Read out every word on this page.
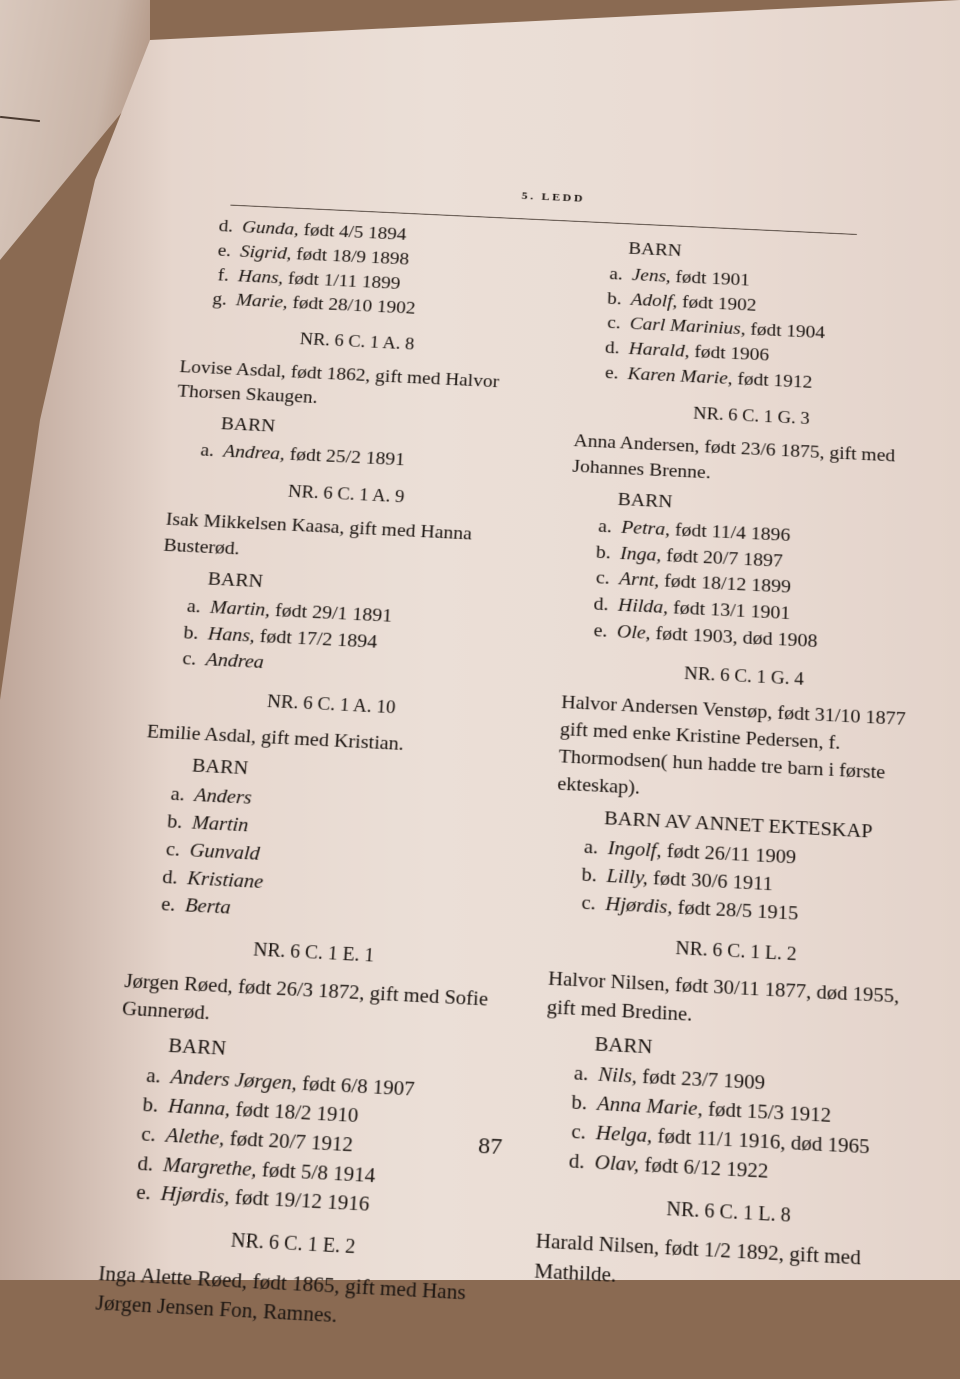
5. LEDD
d. Gunda, født 4/5 1894
e. Sigrid, født 18/9 1898
f. Hans, født 1/11 1899
g. Marie, født 28/10 1902
NR. 6 C. 1 A. 8
Lovise Asdal, født 1862, gift med Halvor Thorsen Skaugen.
BARN
a. Andrea, født 25/2 1891
NR. 6 C. 1 A. 9
Isak Mikkelsen Kaasa, gift med Hanna Busterød.
BARN
a. Martin, født 29/1 1891
b. Hans, født 17/2 1894
c. Andrea
NR. 6 C. 1 A. 10
Emilie Asdal, gift med Kristian.
BARN
a. Anders
b. Martin
c. Gunvald
d. Kristiane
e. Berta
NR. 6 C. 1 E. 1
Jørgen Røed, født 26/3 1872, gift med Sofie Gunnerød.
BARN
a. Anders Jørgen, født 6/8 1907
b. Hanna, født 18/2 1910
c. Alethe, født 20/7 1912
d. Margrethe, født 5/8 1914
e. Hjørdis, født 19/12 1916
NR. 6 C. 1 E. 2
Inga Alette Røed, født 1865, gift med Hans Jørgen Jensen Fon, Ramnes.
BARN
a. Jens, født 1901
b. Adolf, født 1902
c. Carl Marinius, født 1904
d. Harald, født 1906
e. Karen Marie, født 1912
NR. 6 C. 1 G. 3
Anna Andersen, født 23/6 1875, gift med Johannes Brenne.
BARN
a. Petra, født 11/4 1896
b. Inga, født 20/7 1897
c. Arnt, født 18/12 1899
d. Hilda, født 13/1 1901
e. Ole, født 1903, død 1908
NR. 6 C. 1 G. 4
Halvor Andersen Venstøp, født 31/10 1877 gift med enke Kristine Pedersen, f. Thormodsen( hun hadde tre barn i første ekteskap).
BARN AV ANNET EKTESKAP
a. Ingolf, født 26/11 1909
b. Lilly, født 30/6 1911
c. Hjørdis, født 28/5 1915
NR. 6 C. 1 L. 2
Halvor Nilsen, født 30/11 1877, død 1955, gift med Bredine.
BARN
a. Nils, født 23/7 1909
b. Anna Marie, født 15/3 1912
c. Helga, født 11/1 1916, død 1965
d. Olav, født 6/12 1922
NR. 6 C. 1 L. 8
Harald Nilsen, født 1/2 1892, gift med Mathilde.
87
